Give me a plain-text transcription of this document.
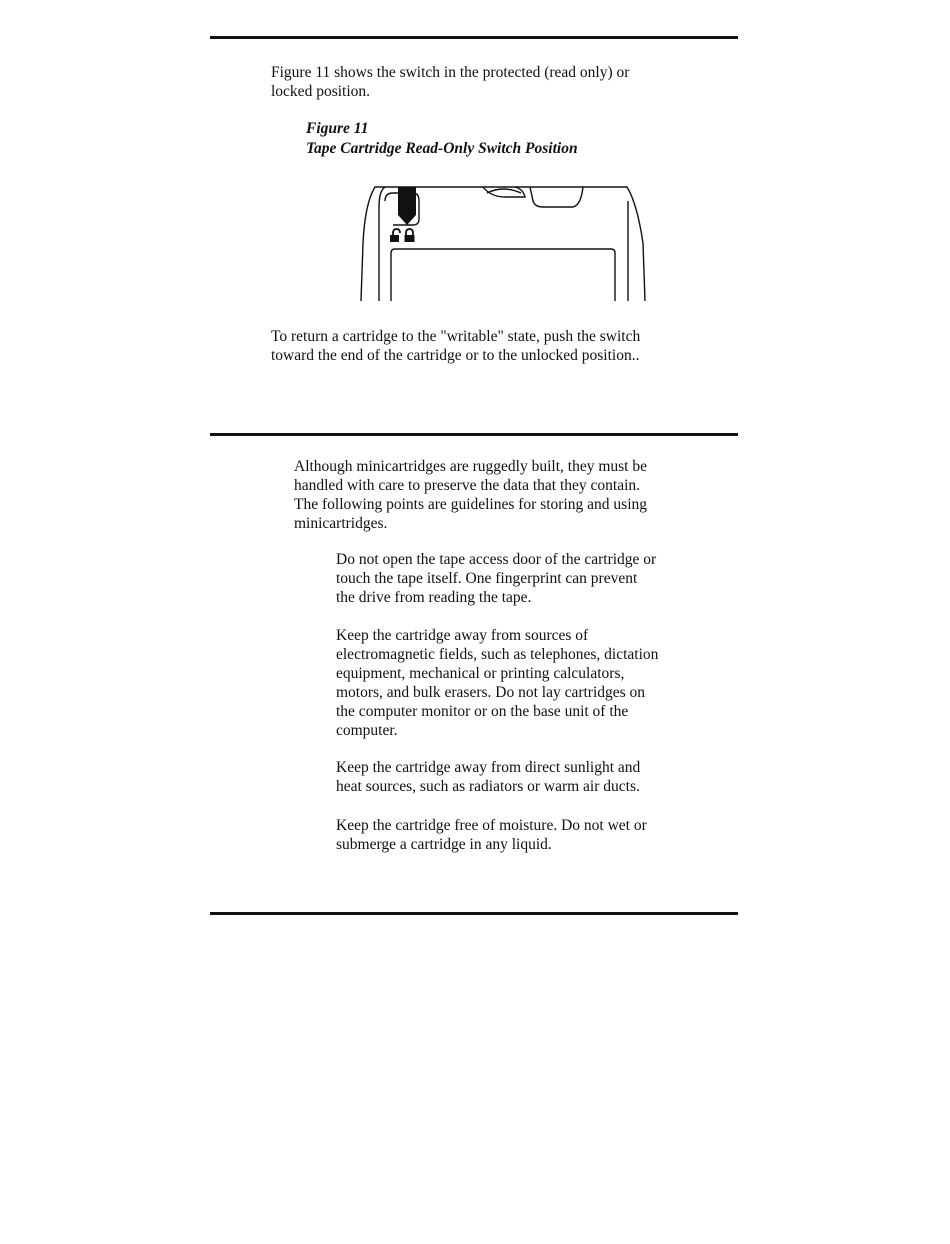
Figure 11 shows the switch in the protected (read only) or
locked position.

Figure 11

Tape Cartridge Read-Only Switch Position

To return a cartridge to the "writable" state, push the switch
toward the end of the cartridge or to the unlocked position..

Although minicartridges are ruggedly built, they must be
handled with care to preserve the data that they contain.
The following points are guidelines for storing and using
minicartridges.

Do not open the tape access door of the cartridge or
touch the tape itself. One fingerprint can prevent
the drive from reading the tape.

Keep the cartridge away from sources of
electromagnetic fields, such as telephones, dictation
equipment, mechanical or printing calculators,
motors, and bulk erasers. Do not lay cartridges on
the computer monitor or on the base unit of the
computer.

Keep the cartridge away from direct sunlight and
heat sources, such as radiators or warm air ducts.

Keep the cartridge free of moisture. Do not wet or
submerge a cartridge in any liquid.
